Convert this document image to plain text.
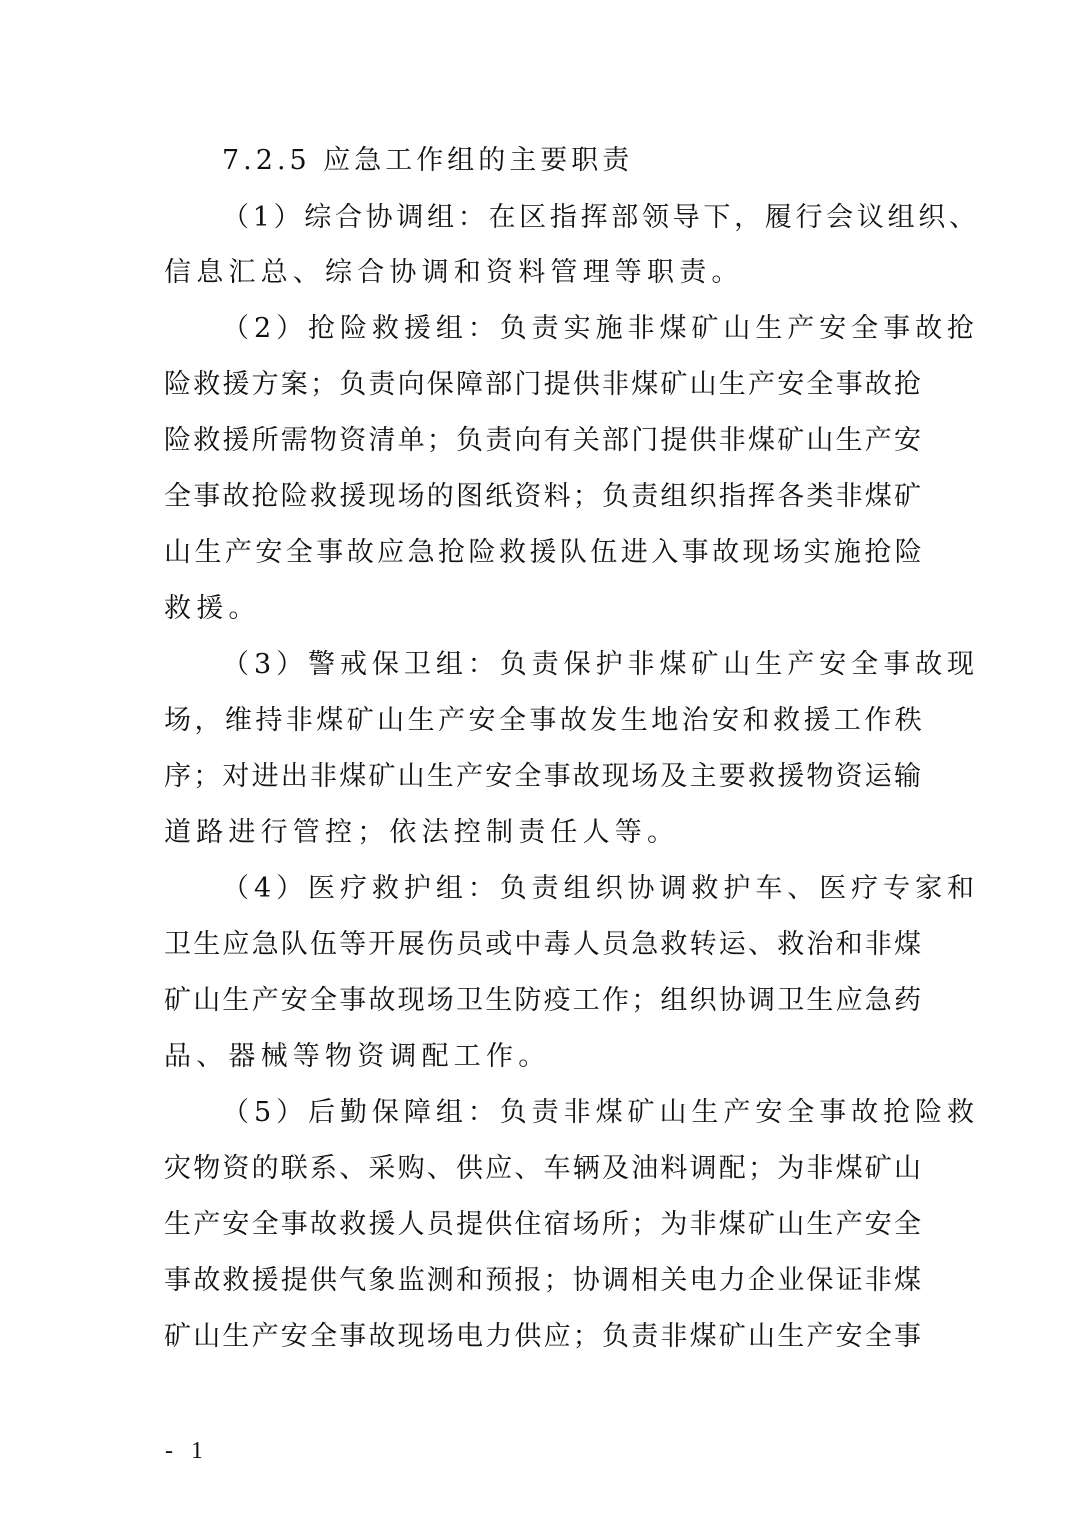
7.2.5 应急工作组的主要职责
（1）综合协调组：在区指挥部领导下，履行会议组织、
信息汇总、综合协调和资料管理等职责。
（2）抢险救援组：负责实施非煤矿山生产安全事故抢
险救援方案；负责向保障部门提供非煤矿山生产安全事故抢
险救援所需物资清单；负责向有关部门提供非煤矿山生产安
全事故抢险救援现场的图纸资料；负责组织指挥各类非煤矿
山生产安全事故应急抢险救援队伍进入事故现场实施抢险
救援。
（3）警戒保卫组：负责保护非煤矿山生产安全事故现
场，维持非煤矿山生产安全事故发生地治安和救援工作秩
序；对进出非煤矿山生产安全事故现场及主要救援物资运输
道路进行管控；依法控制责任人等。
（4）医疗救护组：负责组织协调救护车、医疗专家和
卫生应急队伍等开展伤员或中毒人员急救转运、救治和非煤
矿山生产安全事故现场卫生防疫工作；组织协调卫生应急药
品、器械等物资调配工作。
（5）后勤保障组：负责非煤矿山生产安全事故抢险救
灾物资的联系、采购、供应、车辆及油料调配；为非煤矿山
生产安全事故救援人员提供住宿场所；为非煤矿山生产安全
事故救援提供气象监测和预报；协调相关电力企业保证非煤
矿山生产安全事故现场电力供应；负责非煤矿山生产安全事
- 1
